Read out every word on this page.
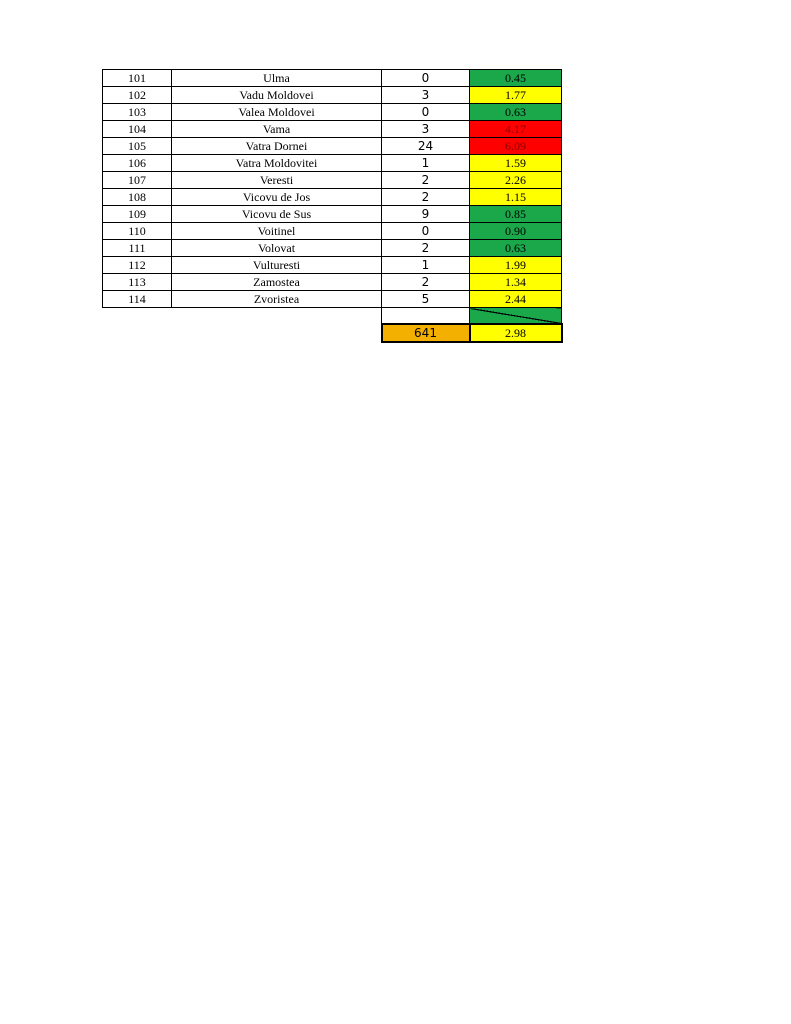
101	Ulma	0	0.45
102	Vadu Moldovei	3	1.77
103	Valea Moldovei	0	0.63
104	Vama	3	4.17
105	Vatra Dornei	24	6.09
106	Vatra Moldovitei	1	1.59
107	Veresti	2	2.26
108	Vicovu de Jos	2	1.15
109	Vicovu de Sus	9	0.85
110	Voitinel	0	0.90
111	Volovat	2	0.63
112	Vulturesti	1	1.99
113	Zamostea	2	1.34
114	Zvoristea	5	2.44

		641	2.98
